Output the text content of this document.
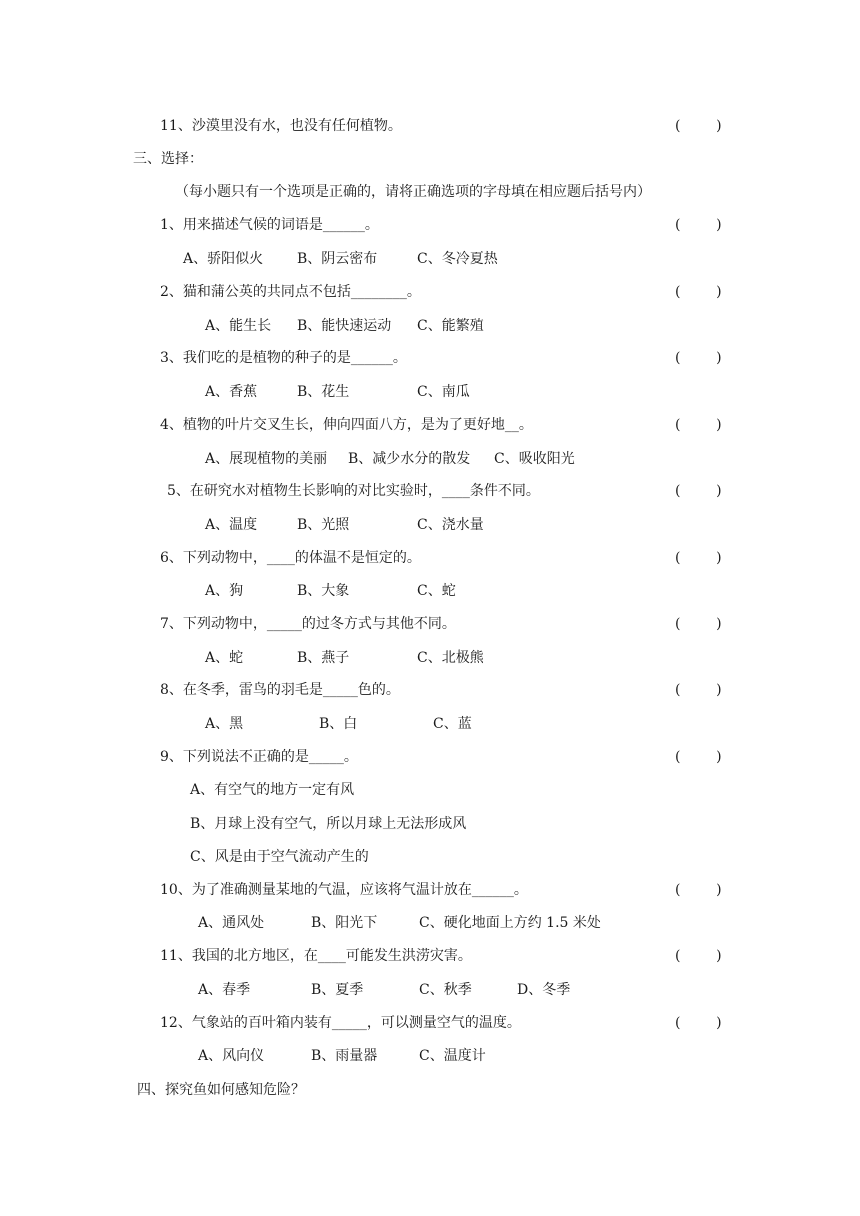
11、沙漠里没有水，也没有任何植物。	(        )
三、选择：
（每小题只有一个选项是正确的，请将正确选项的字母填在相应题后括号内）
1、用来描述气候的词语是______。	(        )
A、骄阳似火 B、阴云密布	C、冬冷夏热
2、猫和蒲公英的共同点不包括________。	(        )
A、能生长 B、能快速运动 C、能繁殖
3、我们吃的是植物的种子的是______。	(        )
A、香蕉	B、花生	C、南瓜
4、植物的叶片交叉生长，伸向四面八方，是为了更好地__。	(        )
A、展现植物的美丽 B、减少水分的散发 C、吸收阳光
5、在研究水对植物生长影响的对比实验时，____条件不同。	(        )
A、温度	B、光照	C、浇水量
6、下列动物中，____的体温不是恒定的。	(        )
A、狗	B、大象	C、蛇
7、下列动物中，_____的过冬方式与其他不同。	(        )
A、蛇	B、燕子	C、北极熊
8、在冬季，雷鸟的羽毛是_____色的。	(        )
A、黑	B、白	C、蓝
9、下列说法不正确的是_____。	(        )
A、有空气的地方一定有风
B、月球上没有空气，所以月球上无法形成风
C、风是由于空气流动产生的
10、为了准确测量某地的气温，应该将气温计放在______。	(        )
A、通风处	B、阳光下	C、硬化地面上方约 1.5 米处
11、我国的北方地区，在____可能发生洪涝灾害。	(        )
A、春季	B、夏季	C、秋季	D、冬季
12、气象站的百叶箱内装有_____，可以测量空气的温度。	(        )
A、风向仪	B、雨量器	C、温度计
四、探究鱼如何感知危险？
